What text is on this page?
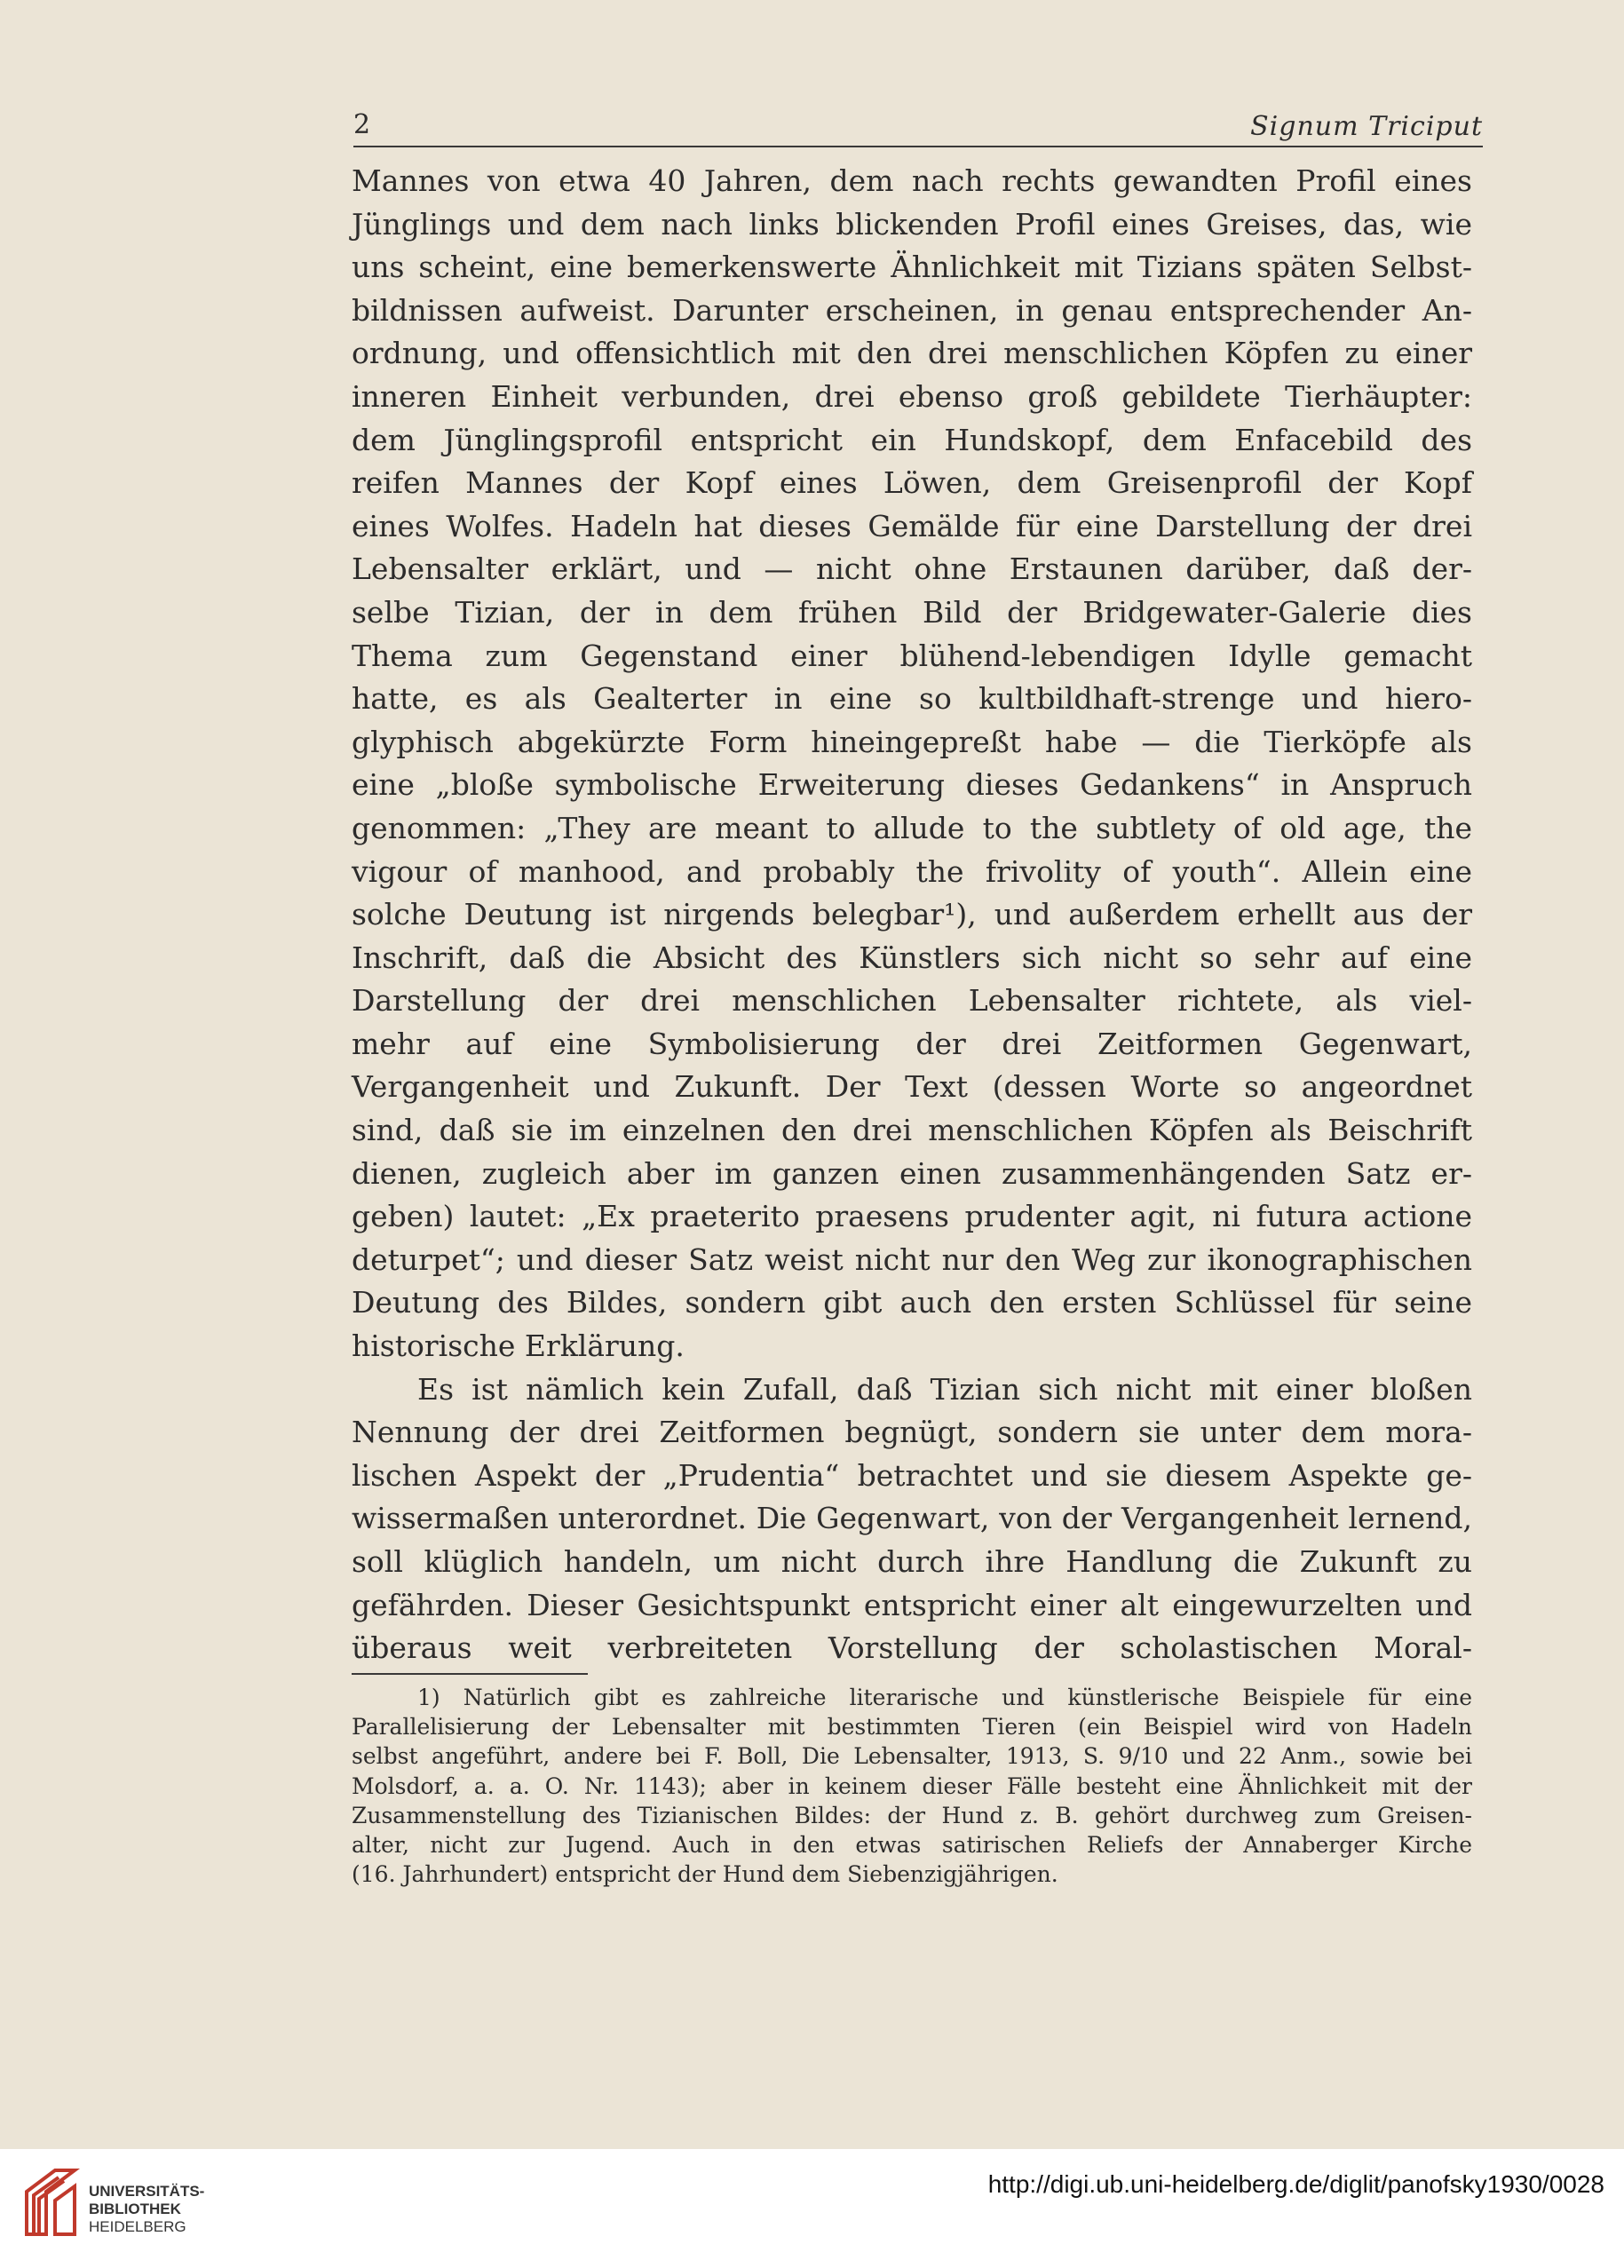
2	Signum Triciput
Mannes von etwa 40 Jahren, dem nach rechts gewandten Profil eines
Jünglings und dem nach links blickenden Profil eines Greises, das, wie
uns scheint, eine bemerkenswerte Ähnlichkeit mit Tizians späten Selbst-
bildnissen aufweist. Darunter erscheinen, in genau entsprechender An-
ordnung, und offensichtlich mit den drei menschlichen Köpfen zu einer
inneren Einheit verbunden, drei ebenso groß gebildete Tierhäupter:
dem Jünglingsprofil entspricht ein Hundskopf, dem Enfacebild des
reifen Mannes der Kopf eines Löwen, dem Greisenprofil der Kopf
eines Wolfes. Hadeln hat dieses Gemälde für eine Darstellung der drei
Lebensalter erklärt, und — nicht ohne Erstaunen darüber, daß der-
selbe Tizian, der in dem frühen Bild der Bridgewater-Galerie dies
Thema zum Gegenstand einer blühend-lebendigen Idylle gemacht
hatte, es als Gealterter in eine so kultbildhaft-strenge und hiero-
glyphisch abgekürzte Form hineingepreßt habe — die Tierköpfe als
eine „bloße symbolische Erweiterung dieses Gedankens“ in Anspruch
genommen: „They are meant to allude to the subtlety of old age, the
vigour of manhood, and probably the frivolity of youth“. Allein eine
solche Deutung ist nirgends belegbar¹), und außerdem erhellt aus der
Inschrift, daß die Absicht des Künstlers sich nicht so sehr auf eine
Darstellung der drei menschlichen Lebensalter richtete, als viel-
mehr auf eine Symbolisierung der drei Zeitformen Gegenwart,
Vergangenheit und Zukunft. Der Text (dessen Worte so angeordnet
sind, daß sie im einzelnen den drei menschlichen Köpfen als Beischrift
dienen, zugleich aber im ganzen einen zusammenhängenden Satz er-
geben) lautet: „Ex praeterito praesens prudenter agit, ni futura actione
deturpet“; und dieser Satz weist nicht nur den Weg zur ikonographischen
Deutung des Bildes, sondern gibt auch den ersten Schlüssel für seine
historische Erklärung.
Es ist nämlich kein Zufall, daß Tizian sich nicht mit einer bloßen
Nennung der drei Zeitformen begnügt, sondern sie unter dem mora-
lischen Aspekt der „Prudentia“ betrachtet und sie diesem Aspekte ge-
wissermaßen unterordnet. Die Gegenwart, von der Vergangenheit lernend,
soll klüglich handeln, um nicht durch ihre Handlung die Zukunft zu
gefährden. Dieser Gesichtspunkt entspricht einer alt eingewurzelten und
überaus weit verbreiteten Vorstellung der scholastischen Moral-
1) Natürlich gibt es zahlreiche literarische und künstlerische Beispiele für eine
Parallelisierung der Lebensalter mit bestimmten Tieren (ein Beispiel wird von Hadeln
selbst angeführt, andere bei F. Boll, Die Lebensalter, 1913, S. 9/10 und 22 Anm., sowie bei
Molsdorf, a. a. O. Nr. 1143); aber in keinem dieser Fälle besteht eine Ähnlichkeit mit der
Zusammenstellung des Tizianischen Bildes: der Hund z. B. gehört durchweg zum Greisen-
alter, nicht zur Jugend. Auch in den etwas satirischen Reliefs der Annaberger Kirche
(16. Jahrhundert) entspricht der Hund dem Siebenzigjährigen.
UNIVERSITÄTS-
BIBLIOTHEK
HEIDELBERG
http://digi.ub.uni-heidelberg.de/diglit/panofsky1930/0028
